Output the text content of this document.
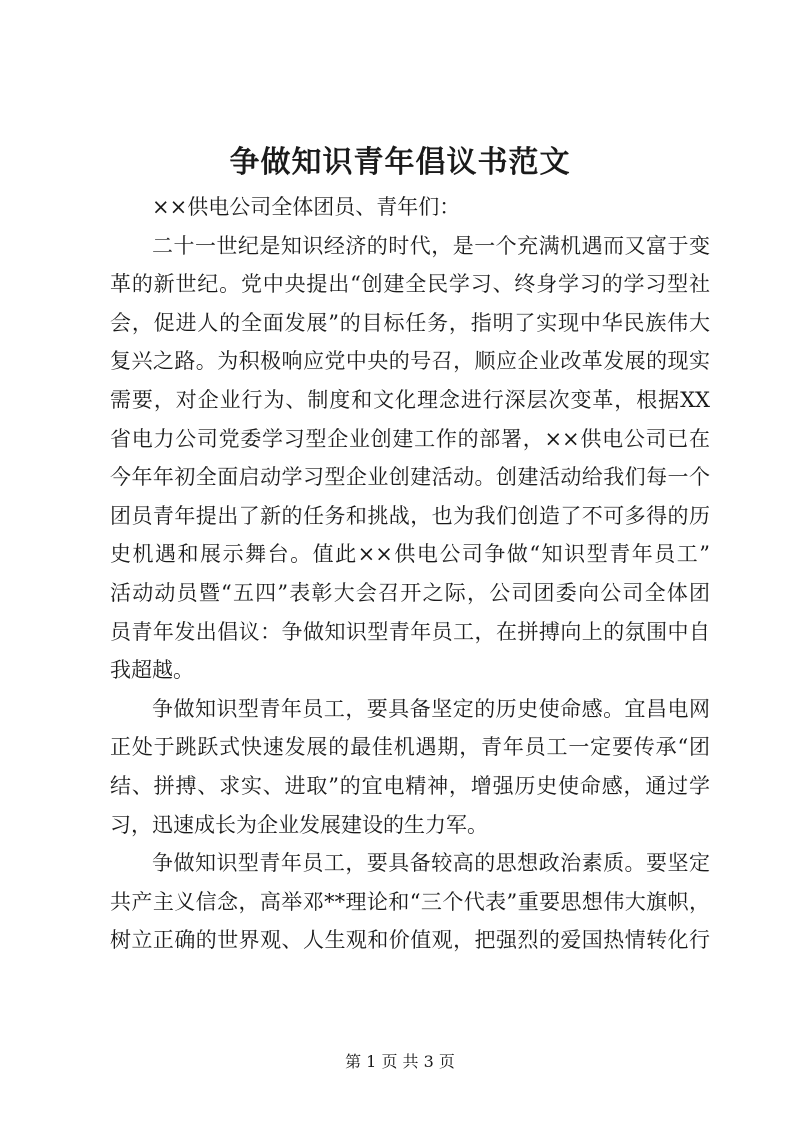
争做知识青年倡议书范文
××供电公司全体团员、青年们：
二十一世纪是知识经济的时代，是一个充满机遇而又富于变
革的新世纪。党中央提出“创建全民学习、终身学习的学习型社
会，促进人的全面发展”的目标任务，指明了实现中华民族伟大
复兴之路。为积极响应党中央的号召，顺应企业改革发展的现实
需要，对企业行为、制度和文化理念进行深层次变革，根据XX
省电力公司党委学习型企业创建工作的部署，××供电公司已在
今年年初全面启动学习型企业创建活动。创建活动给我们每一个
团员青年提出了新的任务和挑战，也为我们创造了不可多得的历
史机遇和展示舞台。值此××供电公司争做“知识型青年员工”
活动动员暨“五四”表彰大会召开之际，公司团委向公司全体团
员青年发出倡议：争做知识型青年员工，在拼搏向上的氛围中自
我超越。
争做知识型青年员工，要具备坚定的历史使命感。宜昌电网
正处于跳跃式快速发展的最佳机遇期，青年员工一定要传承“团
结、拼搏、求实、进取”的宜电精神，增强历史使命感，通过学
习，迅速成长为企业发展建设的生力军。
争做知识型青年员工，要具备较高的思想政治素质。要坚定
共产主义信念，高举邓**理论和“三个代表”重要思想伟大旗帜，
树立正确的世界观、人生观和价值观，把强烈的爱国热情转化行
第 1 页 共 3 页
